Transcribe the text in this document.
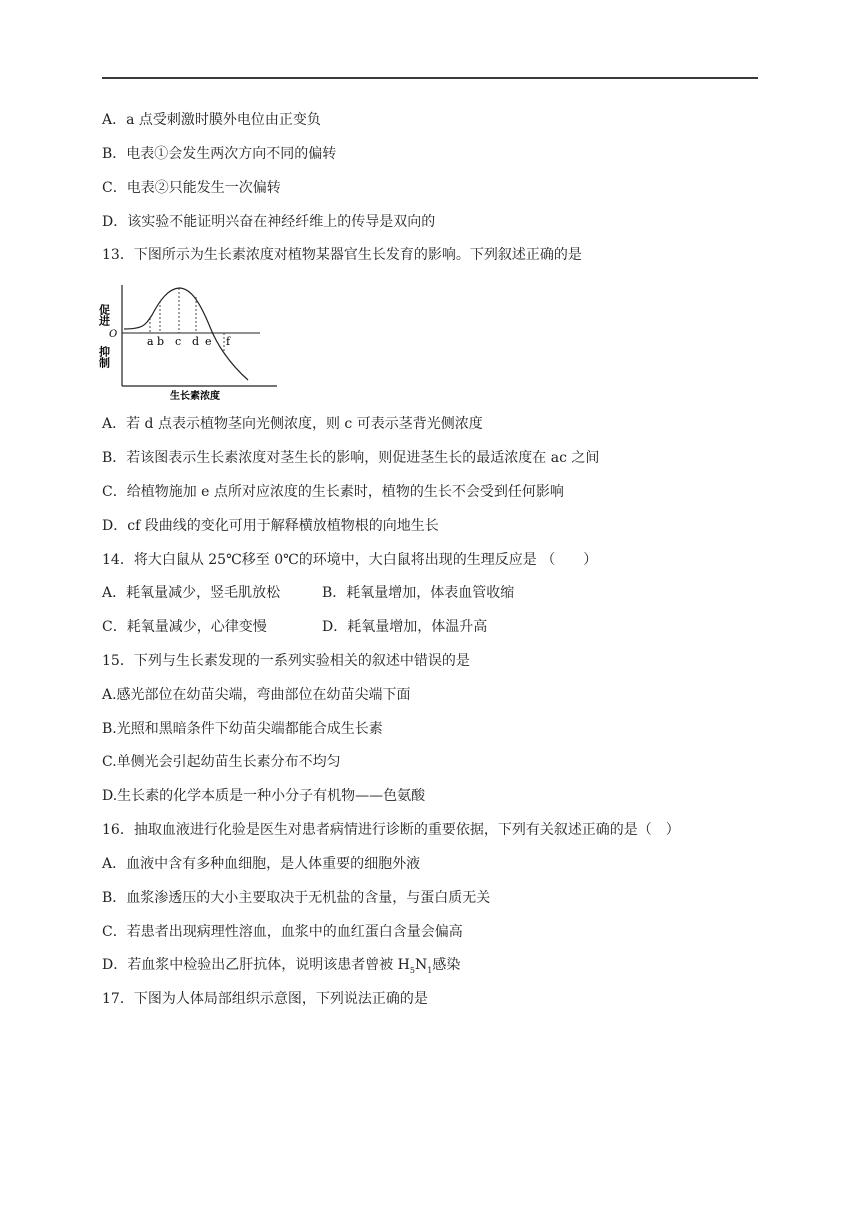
A．a 点受刺激时膜外电位由正变负
B．电表①会发生两次方向不同的偏转
C．电表②只能发生一次偏转
D．该实验不能证明兴奋在神经纤维上的传导是双向的
13．下图所示为生长素浓度对植物某器官生长发育的影响。下列叙述正确的是
促进
O
抑制
a b c d e f
生长素浓度
A．若 d 点表示植物茎向光侧浓度，则 c 可表示茎背光侧浓度
B．若该图表示生长素浓度对茎生长的影响，则促进茎生长的最适浓度在 ac 之间
C．给植物施加 e 点所对应浓度的生长素时，植物的生长不会受到任何影响
D．cf 段曲线的变化可用于解释横放植物根的向地生长
14．将大白鼠从 25℃移至 0℃的环境中，大白鼠将出现的生理反应是 （　　）
A．耗氧量减少，竖毛肌放松	B．耗氧量增加，体表血管收缩
C．耗氧量减少，心律变慢	D．耗氧量增加，体温升高
15．下列与生长素发现的一系列实验相关的叙述中错误的是
A.感光部位在幼苗尖端，弯曲部位在幼苗尖端下面
B.光照和黑暗条件下幼苗尖端都能合成生长素
C.单侧光会引起幼苗生长素分布不均匀
D.生长素的化学本质是一种小分子有机物——色氨酸
16．抽取血液进行化验是医生对患者病情进行诊断的重要依据，下列有关叙述正确的是（　）
A．血液中含有多种血细胞，是人体重要的细胞外液
B．血浆渗透压的大小主要取决于无机盐的含量，与蛋白质无关
C．若患者出现病理性溶血，血浆中的血红蛋白含量会偏高
D．若血浆中检验出乙肝抗体，说明该患者曾被 $H_5N_1$感染
17．下图为人体局部组织示意图，下列说法正确的是
